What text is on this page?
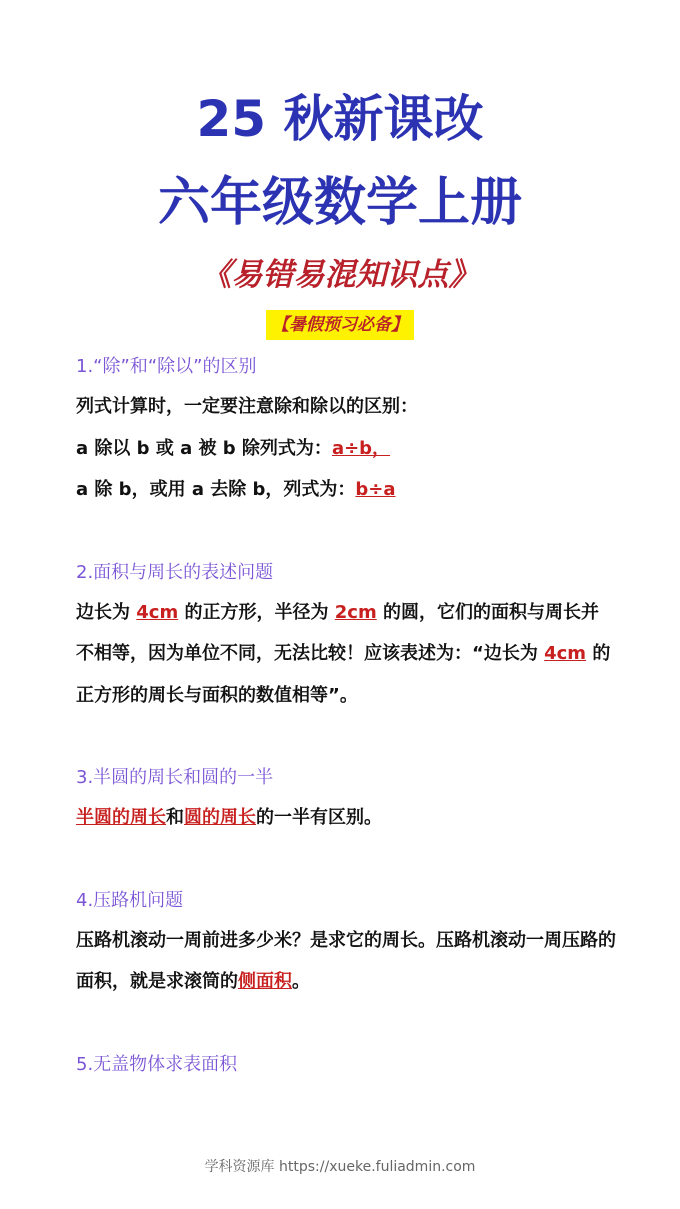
25 秋新课改
六年级数学上册
《易错易混知识点》
【暑假预习必备】
1.“除”和“除以”的区别
列式计算时，一定要注意除和除以的区别：
a 除以 b 或 a 被 b 除列式为：a÷b，
a 除 b，或用 a 去除 b，列式为：b÷a
2.面积与周长的表述问题
边长为 4cm 的正方形，半径为 2cm 的圆，它们的面积与周长并不相等，因为单位不同，无法比较！应该表述为：“边长为 4cm 的正方形的周长与面积的数值相等”。
3.半圆的周长和圆的一半
半圆的周长和圆的周长的一半有区别。
4.压路机问题
压路机滚动一周前进多少米？是求它的周长。压路机滚动一周压路的面积，就是求滚筒的侧面积。
5.无盖物体求表面积
学科资源库 https://xueke.fuliadmin.com
